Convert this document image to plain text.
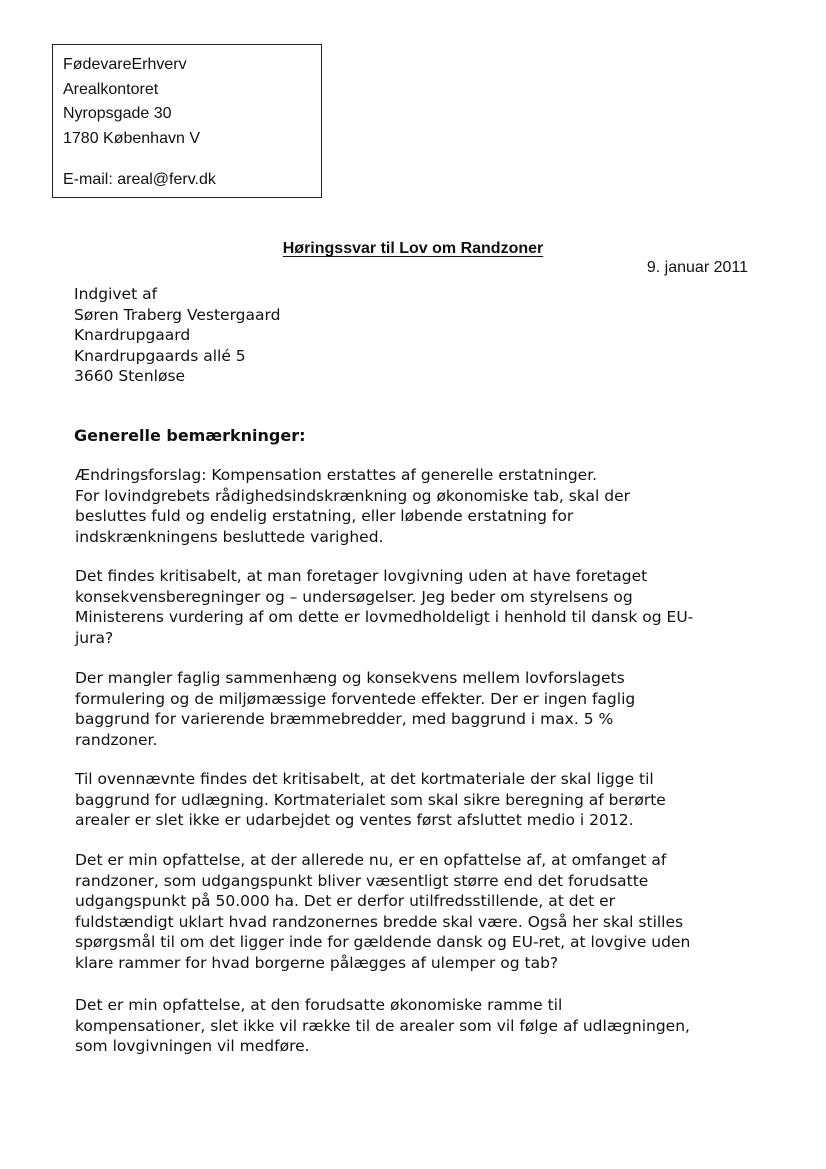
FødevareErhverv
Arealkontoret
Nyropsgade 30
1780 København V
E-mail: areal@ferv.dk
Høringssvar til Lov om Randzoner
9. januar 2011
Indgivet af
Søren Traberg Vestergaard
Knardrupgaard
Knardrupgaards allé 5
3660 Stenløse
Generelle bemærkninger:
Ændringsforslag: Kompensation erstattes af generelle erstatninger.
For lovindgrebets rådighedsindskrænkning og økonomiske tab, skal der
besluttes fuld og endelig erstatning, eller løbende erstatning for
indskrænkningens besluttede varighed.
Det findes kritisabelt, at man foretager lovgivning uden at have foretaget
konsekvensberegninger og – undersøgelser. Jeg beder om styrelsens og
Ministerens vurdering af om dette er lovmedholdeligt i henhold til dansk og EU-
jura?
Der mangler faglig sammenhæng og konsekvens mellem lovforslagets
formulering og de miljømæssige forventede effekter. Der er ingen faglig
baggrund for varierende bræmmebredder, med baggrund i max. 5 %
randzoner.
Til ovennævnte findes det kritisabelt, at det kortmateriale der skal ligge til
baggrund for udlægning. Kortmaterialet som skal sikre beregning af berørte
arealer er slet ikke er udarbejdet og ventes først afsluttet medio i 2012.
Det er min opfattelse, at der allerede nu, er en opfattelse af, at omfanget af
randzoner, som udgangspunkt bliver væsentligt større end det forudsatte
udgangspunkt på 50.000 ha. Det er derfor utilfredsstillende, at det er
fuldstændigt uklart hvad randzonernes bredde skal være. Også her skal stilles
spørgsmål til om det ligger inde for gældende dansk og EU-ret, at lovgive uden
klare rammer for hvad borgerne pålægges af ulemper og tab?
Det er min opfattelse, at den forudsatte økonomiske ramme til
kompensationer, slet ikke vil række til de arealer som vil følge af udlægningen,
som lovgivningen vil medføre.
